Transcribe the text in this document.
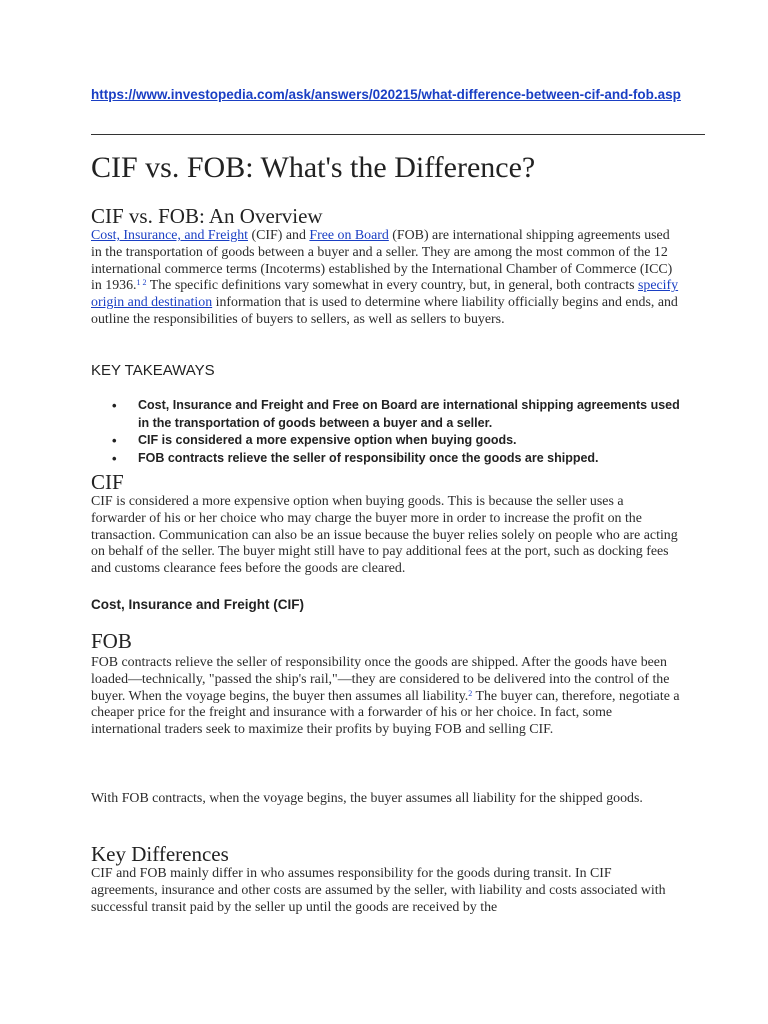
https://www.investopedia.com/ask/answers/020215/what-difference-between-cif-and-fob.asp
CIF vs. FOB: What's the Difference?
CIF vs. FOB: An Overview

Cost, Insurance, and Freight (CIF) and Free on Board (FOB) are international shipping agreements used in the transportation of goods between a buyer and a seller. They are among the most common of the 12 international commerce terms (Incoterms) established by the International Chamber of Commerce (ICC) in 1936.$^{1 2}$ The specific definitions vary somewhat in every country, but, in general, both contracts specify origin and destination information that is used to determine where liability officially begins and ends, and outline the responsibilities of buyers to sellers, as well as sellers to buyers.

KEY TAKEAWAYS
• Cost, Insurance and Freight and Free on Board are international shipping agreements used in the transportation of goods between a buyer and a seller.
• CIF is considered a more expensive option when buying goods.
• FOB contracts relieve the seller of responsibility once the goods are shipped.
CIF

CIF is considered a more expensive option when buying goods. This is because the seller uses a forwarder of his or her choice who may charge the buyer more in order to increase the profit on the transaction. Communication can also be an issue because the buyer relies solely on people who are acting on behalf of the seller. The buyer might still have to pay additional fees at the port, such as docking fees and customs clearance fees before the goods are cleared.

Cost, Insurance and Freight (CIF)
FOB

FOB contracts relieve the seller of responsibility once the goods are shipped. After the goods have been loaded—technically, "passed the ship's rail,"—they are considered to be delivered into the control of the buyer. When the voyage begins, the buyer then assumes all liability.$^2$ The buyer can, therefore, negotiate a cheaper price for the freight and insurance with a forwarder of his or her choice. In fact, some international traders seek to maximize their profits by buying FOB and selling CIF.

With FOB contracts, when the voyage begins, the buyer assumes all liability for the shipped goods.

Key Differences

CIF and FOB mainly differ in who assumes responsibility for the goods during transit. In CIF agreements, insurance and other costs are assumed by the seller, with liability and costs associated with successful transit paid by the seller up until the goods are received by the
